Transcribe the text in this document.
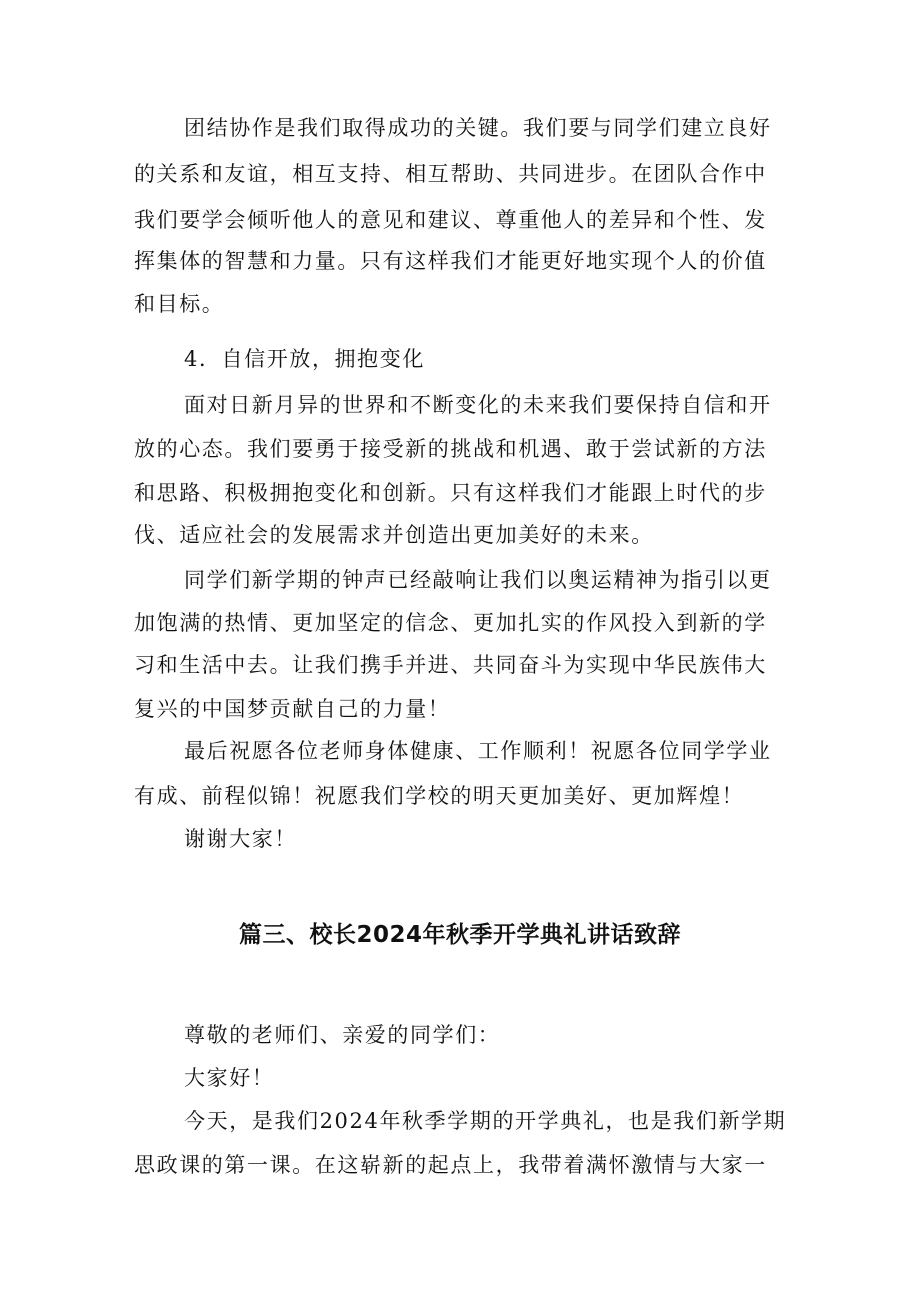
团结协作是我们取得成功的关键。我们要与同学们建立良好
的关系和友谊，相互支持、相互帮助、共同进步。在团队合作中
我们要学会倾听他人的意见和建议、尊重他人的差异和个性、发
挥集体的智慧和力量。只有这样我们才能更好地实现个人的价值
和目标。
4．自信开放，拥抱变化
面对日新月异的世界和不断变化的未来我们要保持自信和开
放的心态。我们要勇于接受新的挑战和机遇、敢于尝试新的方法
和思路、积极拥抱变化和创新。只有这样我们才能跟上时代的步
伐、适应社会的发展需求并创造出更加美好的未来。
同学们新学期的钟声已经敲响让我们以奥运精神为指引以更
加饱满的热情、更加坚定的信念、更加扎实的作风投入到新的学
习和生活中去。让我们携手并进、共同奋斗为实现中华民族伟大
复兴的中国梦贡献自己的力量！
最后祝愿各位老师身体健康、工作顺利！祝愿各位同学学业
有成、前程似锦！祝愿我们学校的明天更加美好、更加辉煌！
谢谢大家！
篇三、校长2024年秋季开学典礼讲话致辞
尊敬的老师们、亲爱的同学们：
大家好！
今天，是我们2024年秋季学期的开学典礼，也是我们新学期
思政课的第一课。在这崭新的起点上，我带着满怀激情与大家一
